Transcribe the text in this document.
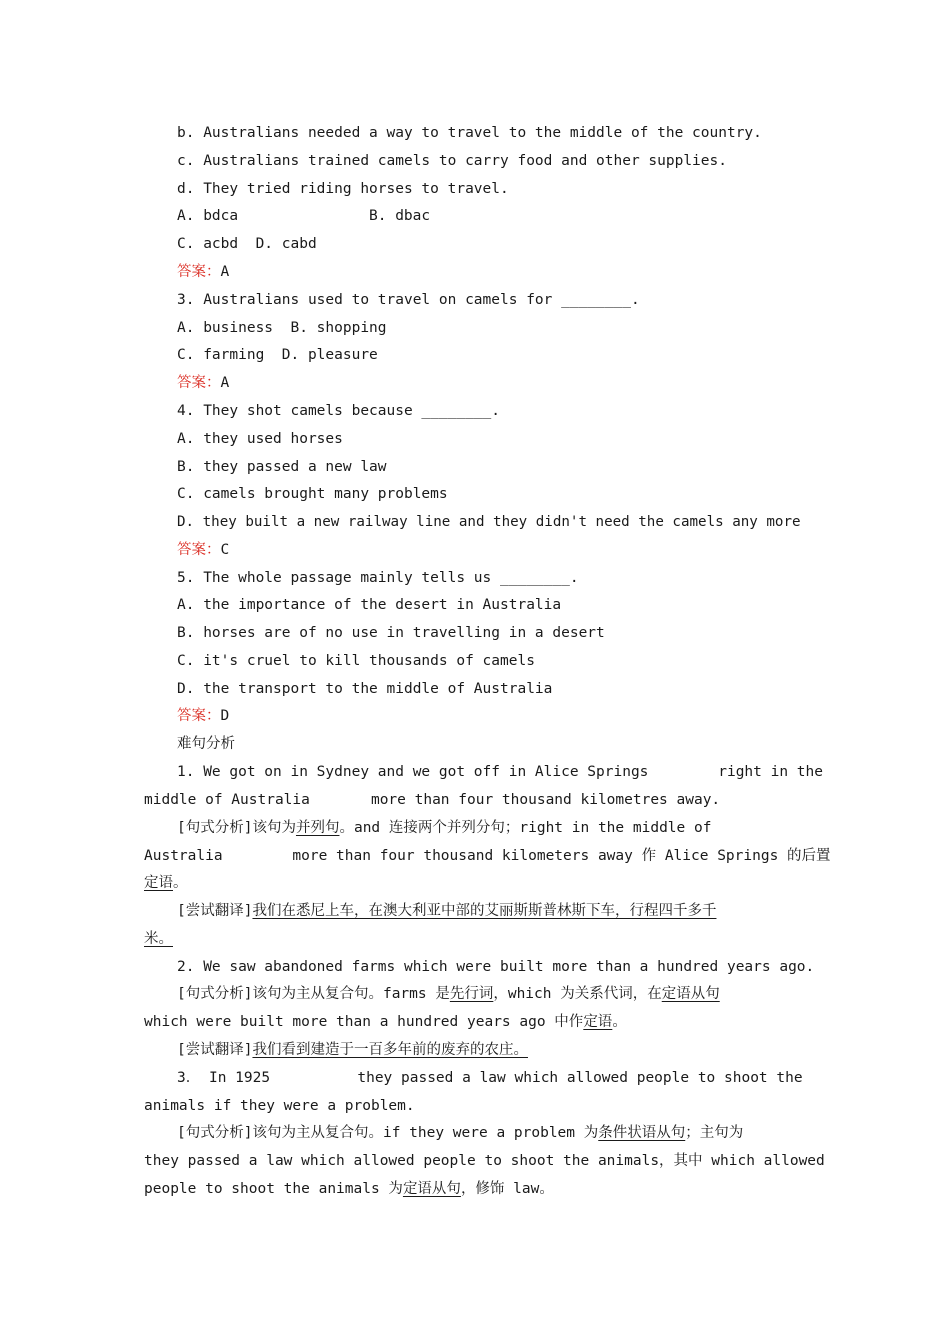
b. Australians needed a way to travel to the middle of the country.
c. Australians trained camels to carry food and other supplies.
d. They tried riding horses to travel.
A. bdca	B. dbac
C. acbd  D. cabd
答案：A
3. Australians used to travel on camels for ________.
A. business  B. shopping
C. farming  D. pleasure
答案：A
4. They shot camels because ________.
A. they used horses
B. they passed a new law
C. camels brought many problems
D. they built a new railway line and they didn't need the camels any more
答案：C
5. The whole passage mainly tells us ________.
A. the importance of the desert in Australia
B. horses are of no use in travelling in a desert
C. it's cruel to kill thousands of camels
D. the transport to the middle of Australia
答案：D
难句分析
1. We got on in Sydney and we got off in Alice Springs        right in the
middle of Australia       more than four thousand kilometres away.
[句式分析]该句为并列句。and 连接两个并列分句；right in the middle of
Australia        more than four thousand kilometers away 作 Alice Springs 的后置
定语。
[尝试翻译]我们在悉尼上车，在澳大利亚中部的艾丽斯斯普林斯下车，行程四千多千
米。
2. We saw abandoned farms which were built more than a hundred years ago.
[句式分析]该句为主从复合句。farms 是先行词，which 为关系代词，在定语从句
which were built more than a hundred years ago 中作定语。
[尝试翻译]我们看到建造于一百多年前的废弃的农庄。
3． In 1925          they passed a law which allowed people to shoot the
animals if they were a problem.
[句式分析]该句为主从复合句。if they were a problem 为条件状语从句；主句为
they passed a law which allowed people to shoot the animals，其中 which allowed
people to shoot the animals 为定语从句，修饰 law。
